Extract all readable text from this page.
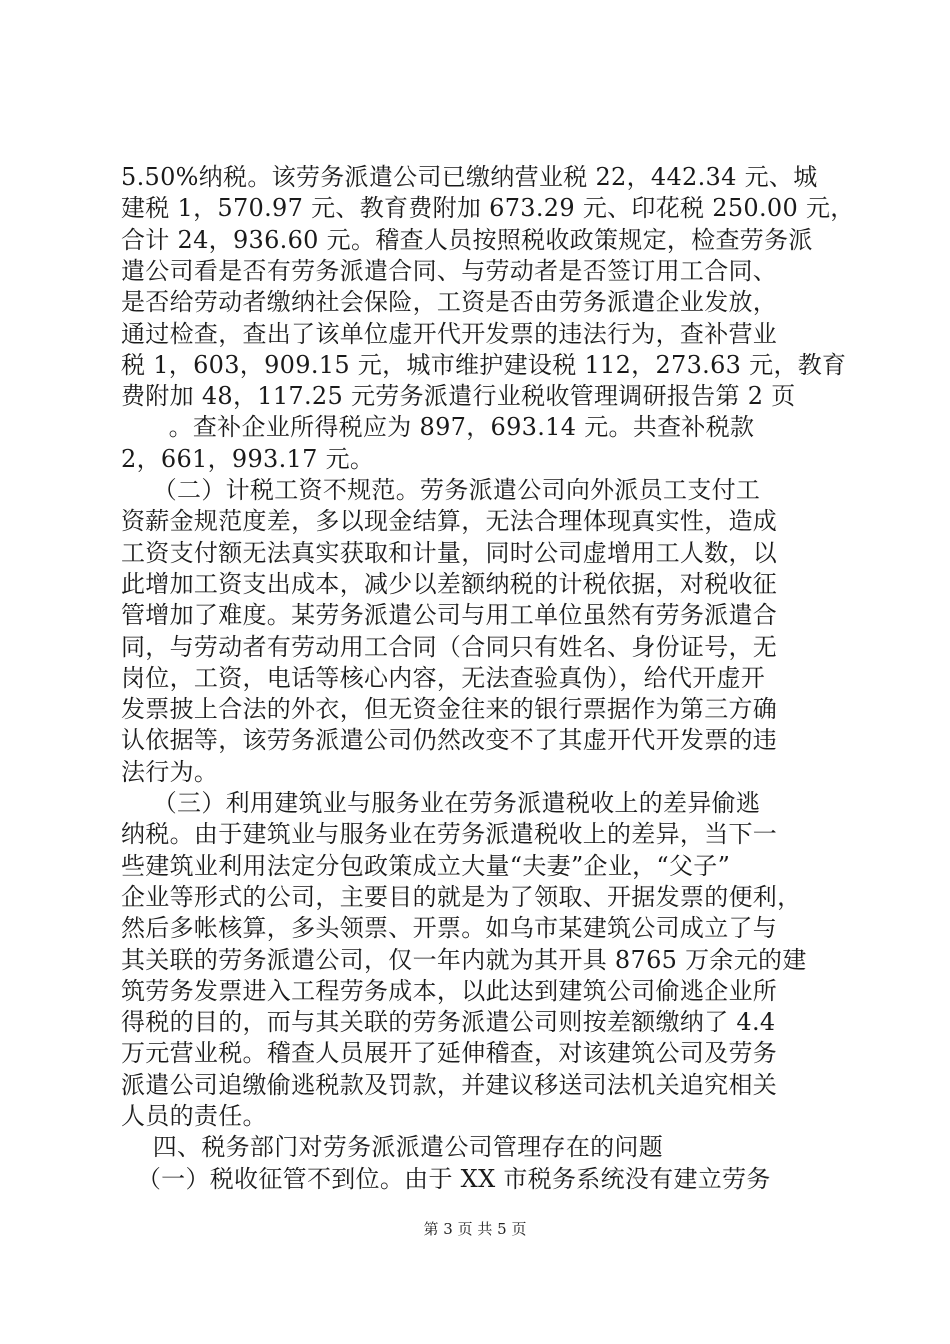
5.50%纳税。该劳务派遣公司已缴纳营业税 22，442.34 元、城
建税 1，570.97 元、教育费附加 673.29 元、印花税 250.00 元，
合计 24，936.60 元。稽查人员按照税收政策规定，检查劳务派
遣公司看是否有劳务派遣合同、与劳动者是否签订用工合同、
是否给劳动者缴纳社会保险，工资是否由劳务派遣企业发放，
通过检查，查出了该单位虚开代开发票的违法行为，查补营业
税 1，603，909.15 元，城市维护建设税 112，273.63 元，教育
费附加 48，117.25 元劳务派遣行业税收管理调研报告第 2 页
。查补企业所得税应为 897，693.14 元。共查补税款
2，661，993.17 元。
（二）计税工资不规范。劳务派遣公司向外派员工支付工
资薪金规范度差，多以现金结算，无法合理体现真实性，造成
工资支付额无法真实获取和计量，同时公司虚增用工人数，以
此增加工资支出成本，减少以差额纳税的计税依据，对税收征
管增加了难度。某劳务派遣公司与用工单位虽然有劳务派遣合
同，与劳动者有劳动用工合同（合同只有姓名、身份证号，无
岗位，工资，电话等核心内容，无法查验真伪），给代开虚开
发票披上合法的外衣，但无资金往来的银行票据作为第三方确
认依据等，该劳务派遣公司仍然改变不了其虚开代开发票的违
法行为。
（三）利用建筑业与服务业在劳务派遣税收上的差异偷逃
纳税。由于建筑业与服务业在劳务派遣税收上的差异，当下一
些建筑业利用法定分包政策成立大量“夫妻”企业，“父子”
企业等形式的公司，主要目的就是为了领取、开据发票的便利，
然后多帐核算，多头领票、开票。如乌市某建筑公司成立了与
其关联的劳务派遣公司，仅一年内就为其开具 8765 万余元的建
筑劳务发票进入工程劳务成本，以此达到建筑公司偷逃企业所
得税的目的，而与其关联的劳务派遣公司则按差额缴纳了 4.4
万元营业税。稽查人员展开了延伸稽查，对该建筑公司及劳务
派遣公司追缴偷逃税款及罚款，并建议移送司法机关追究相关
人员的责任。
四、税务部门对劳务派派遣公司管理存在的问题
（一）税收征管不到位。由于 XX 市税务系统没有建立劳务
第 3 页 共 5 页
